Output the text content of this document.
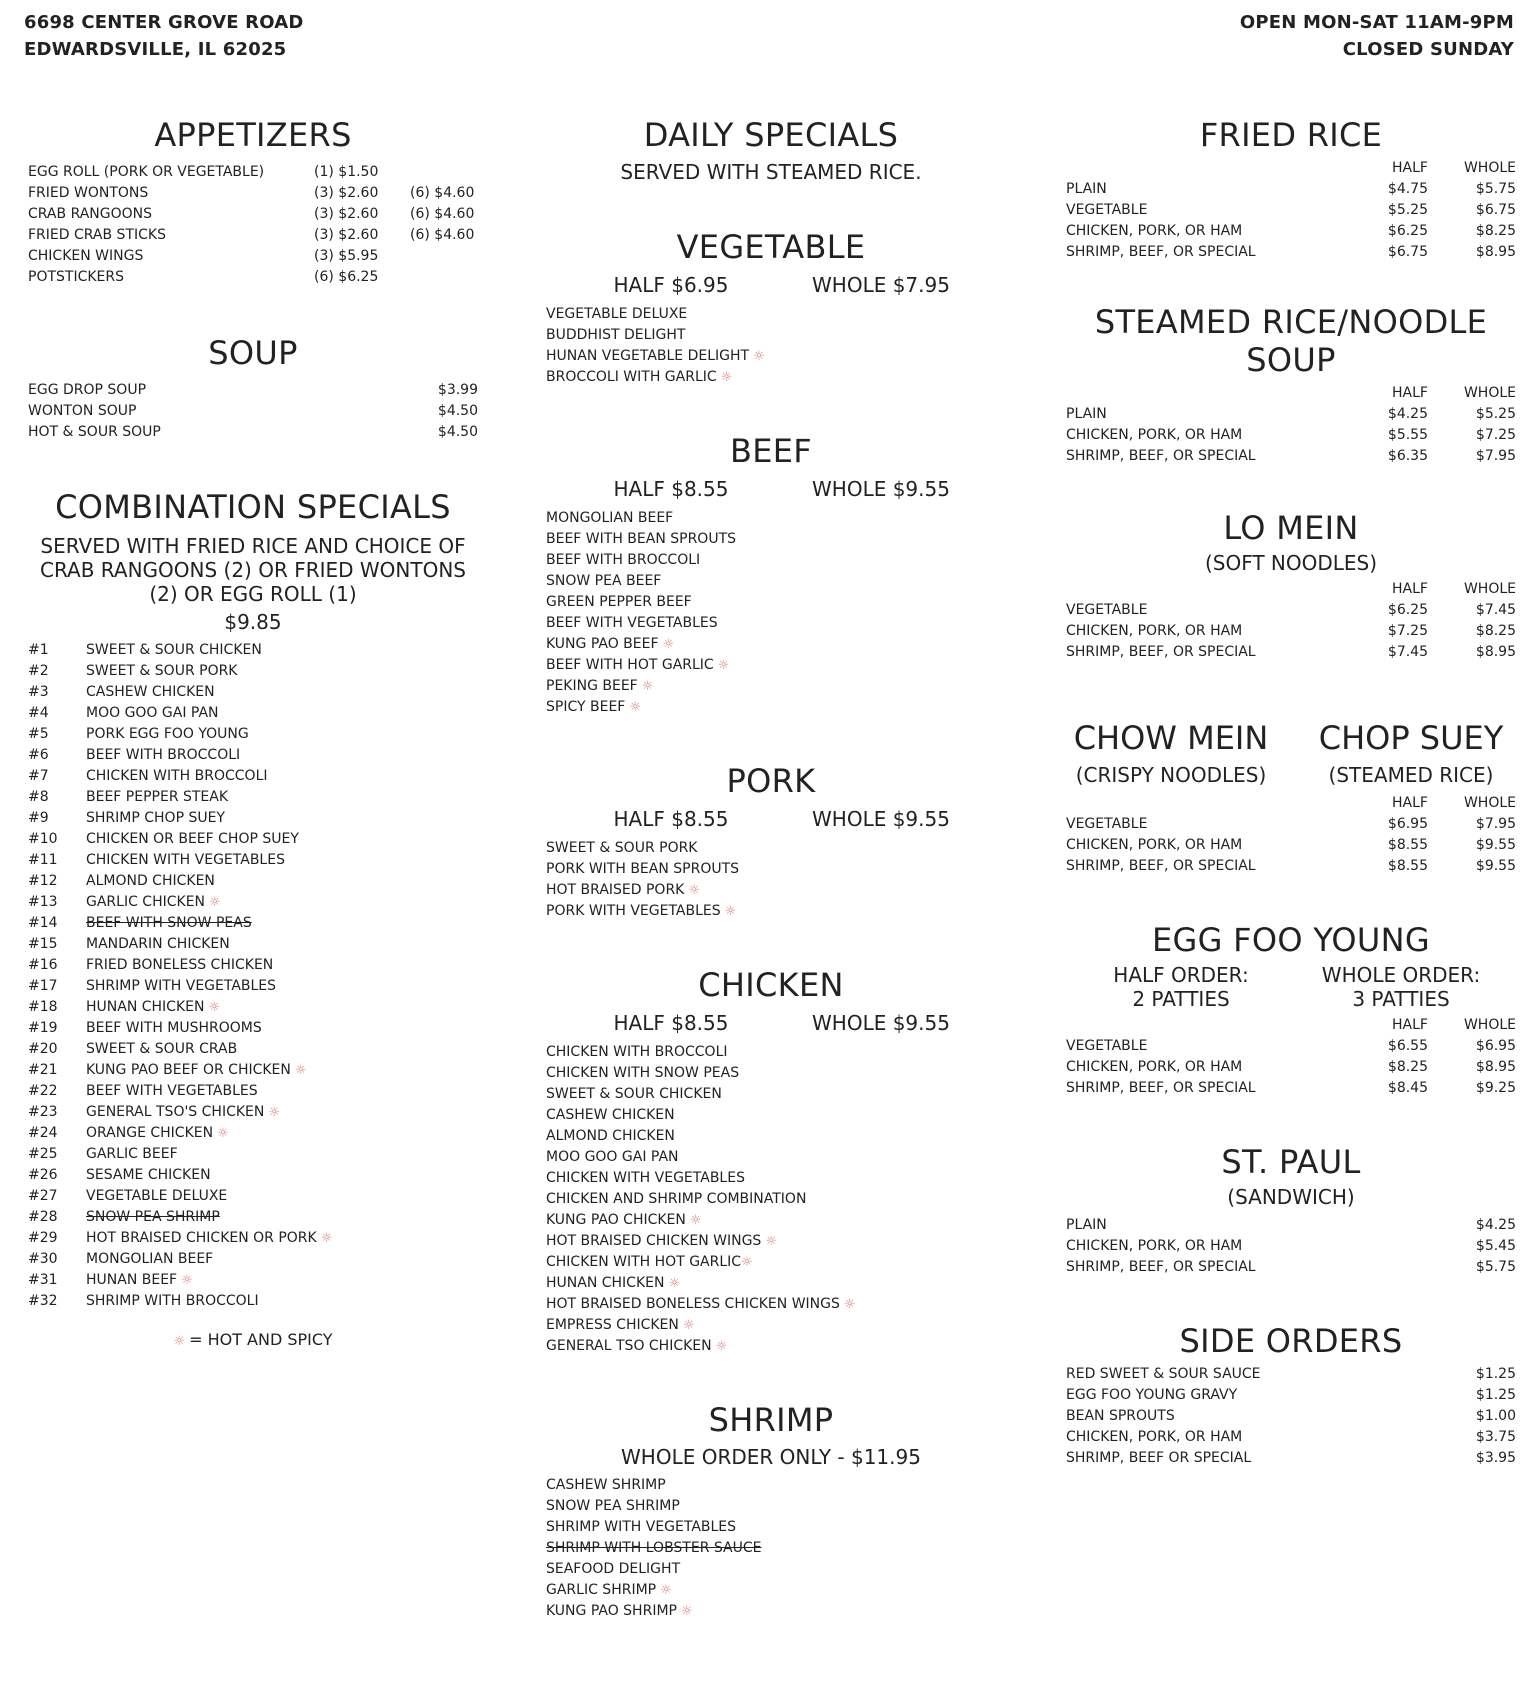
6698 CENTER GROVE ROAD
EDWARDSVILLE, IL 62025
OPEN MON-SAT 11AM-9PM
CLOSED SUNDAY
APPETIZERS
EGG ROLL (PORK OR VEGETABLE)	(1) $1.50
FRIED WONTONS	(3) $2.60 (6) $4.60
CRAB RANGOONS	(3) $2.60 (6) $4.60
FRIED CRAB STICKS	(3) $2.60 (6) $4.60
CHICKEN WINGS	(3) $5.95
POTSTICKERS	(6) $6.25
SOUP
EGG DROP SOUP	$3.99
WONTON SOUP	$4.50
HOT & SOUR SOUP	$4.50
COMBINATION SPECIALS
SERVED WITH FRIED RICE AND CHOICE OF
CRAB RANGOONS (2) OR FRIED WONTONS
(2) OR EGG ROLL (1)
$9.85
#1	SWEET & SOUR CHICKEN
#2	SWEET & SOUR PORK
#3	CASHEW CHICKEN
#4	MOO GOO GAI PAN
#5	PORK EGG FOO YOUNG
#6	BEEF WITH BROCCOLI
#7	CHICKEN WITH BROCCOLI
#8	BEEF PEPPER STEAK
#9	SHRIMP CHOP SUEY
#10 CHICKEN OR BEEF CHOP SUEY
#11 CHICKEN WITH VEGETABLES
#12 ALMOND CHICKEN
#13 GARLIC CHICKEN ☼
#14 BEEF WITH SNOW PEAS
#15 MANDARIN CHICKEN
#16 FRIED BONELESS CHICKEN
#17 SHRIMP WITH VEGETABLES
#18 HUNAN CHICKEN ☼
#19 BEEF WITH MUSHROOMS
#20 SWEET & SOUR CRAB
#21 KUNG PAO BEEF OR CHICKEN ☼
#22 BEEF WITH VEGETABLES
#23 GENERAL TSO'S CHICKEN ☼
#24 ORANGE CHICKEN ☼
#25 GARLIC BEEF
#26 SESAME CHICKEN
#27 VEGETABLE DELUXE
#28 SNOW PEA SHRIMP
#29 HOT BRAISED CHICKEN OR PORK ☼
#30 MONGOLIAN BEEF
#31 HUNAN BEEF ☼
#32 SHRIMP WITH BROCCOLI
☼ = HOT AND SPICY
DAILY SPECIALS
SERVED WITH STEAMED RICE.
VEGETABLE
HALF $6.95	WHOLE $7.95
VEGETABLE DELUXE
BUDDHIST DELIGHT
HUNAN VEGETABLE DELIGHT ☼
BROCCOLI WITH GARLIC ☼
BEEF
HALF $8.55	WHOLE $9.55
MONGOLIAN BEEF
BEEF WITH BEAN SPROUTS
BEEF WITH BROCCOLI
SNOW PEA BEEF
GREEN PEPPER BEEF
BEEF WITH VEGETABLES
KUNG PAO BEEF ☼
BEEF WITH HOT GARLIC ☼
PEKING BEEF ☼
SPICY BEEF ☼
PORK
HALF $8.55	WHOLE $9.55
SWEET & SOUR PORK
PORK WITH BEAN SPROUTS
HOT BRAISED PORK ☼
PORK WITH VEGETABLES ☼
CHICKEN
HALF $8.55	WHOLE $9.55
CHICKEN WITH BROCCOLI
CHICKEN WITH SNOW PEAS
SWEET & SOUR CHICKEN
CASHEW CHICKEN
ALMOND CHICKEN
MOO GOO GAI PAN
CHICKEN WITH VEGETABLES
CHICKEN AND SHRIMP COMBINATION
KUNG PAO CHICKEN ☼
HOT BRAISED CHICKEN WINGS ☼
CHICKEN WITH HOT GARLIC☼
HUNAN CHICKEN ☼
HOT BRAISED BONELESS CHICKEN WINGS ☼
EMPRESS CHICKEN ☼
GENERAL TSO CHICKEN ☼
SHRIMP
WHOLE ORDER ONLY - $11.95
CASHEW SHRIMP
SNOW PEA SHRIMP
SHRIMP WITH VEGETABLES
SHRIMP WITH LOBSTER SAUCE
SEAFOOD DELIGHT
GARLIC SHRIMP ☼
KUNG PAO SHRIMP ☼
FRIED RICE
HALF	WHOLE
PLAIN	$4.75	$5.75
VEGETABLE	$5.25	$6.75
CHICKEN, PORK, OR HAM	$6.25	$8.25
SHRIMP, BEEF, OR SPECIAL	$6.75	$8.95
STEAMED RICE/NOODLE
SOUP
HALF	WHOLE
PLAIN	$4.25	$5.25
CHICKEN, PORK, OR HAM	$5.55	$7.25
SHRIMP, BEEF, OR SPECIAL	$6.35	$7.95
LO MEIN
(SOFT NOODLES)
HALF	WHOLE
VEGETABLE	$6.25	$7.45
CHICKEN, PORK, OR HAM	$7.25	$8.25
SHRIMP, BEEF, OR SPECIAL	$7.45	$8.95
CHOW MEIN	CHOP SUEY
(CRISPY NOODLES)	(STEAMED RICE)
HALF	WHOLE
VEGETABLE	$6.95	$7.95
CHICKEN, PORK, OR HAM	$8.55	$9.55
SHRIMP, BEEF, OR SPECIAL	$8.55	$9.55
EGG FOO YOUNG
HALF ORDER:
2 PATTIES
WHOLE ORDER:
3 PATTIES
HALF	WHOLE
VEGETABLE	$6.55	$6.95
CHICKEN, PORK, OR HAM	$8.25	$8.95
SHRIMP, BEEF, OR SPECIAL	$8.45	$9.25
ST. PAUL
(SANDWICH)
PLAIN	$4.25
CHICKEN, PORK, OR HAM	$5.45
SHRIMP, BEEF, OR SPECIAL	$5.75
SIDE ORDERS
RED SWEET & SOUR SAUCE	$1.25
EGG FOO YOUNG GRAVY	$1.25
BEAN SPROUTS	$1.00
CHICKEN, PORK, OR HAM	$3.75
SHRIMP, BEEF OR SPECIAL	$3.95
